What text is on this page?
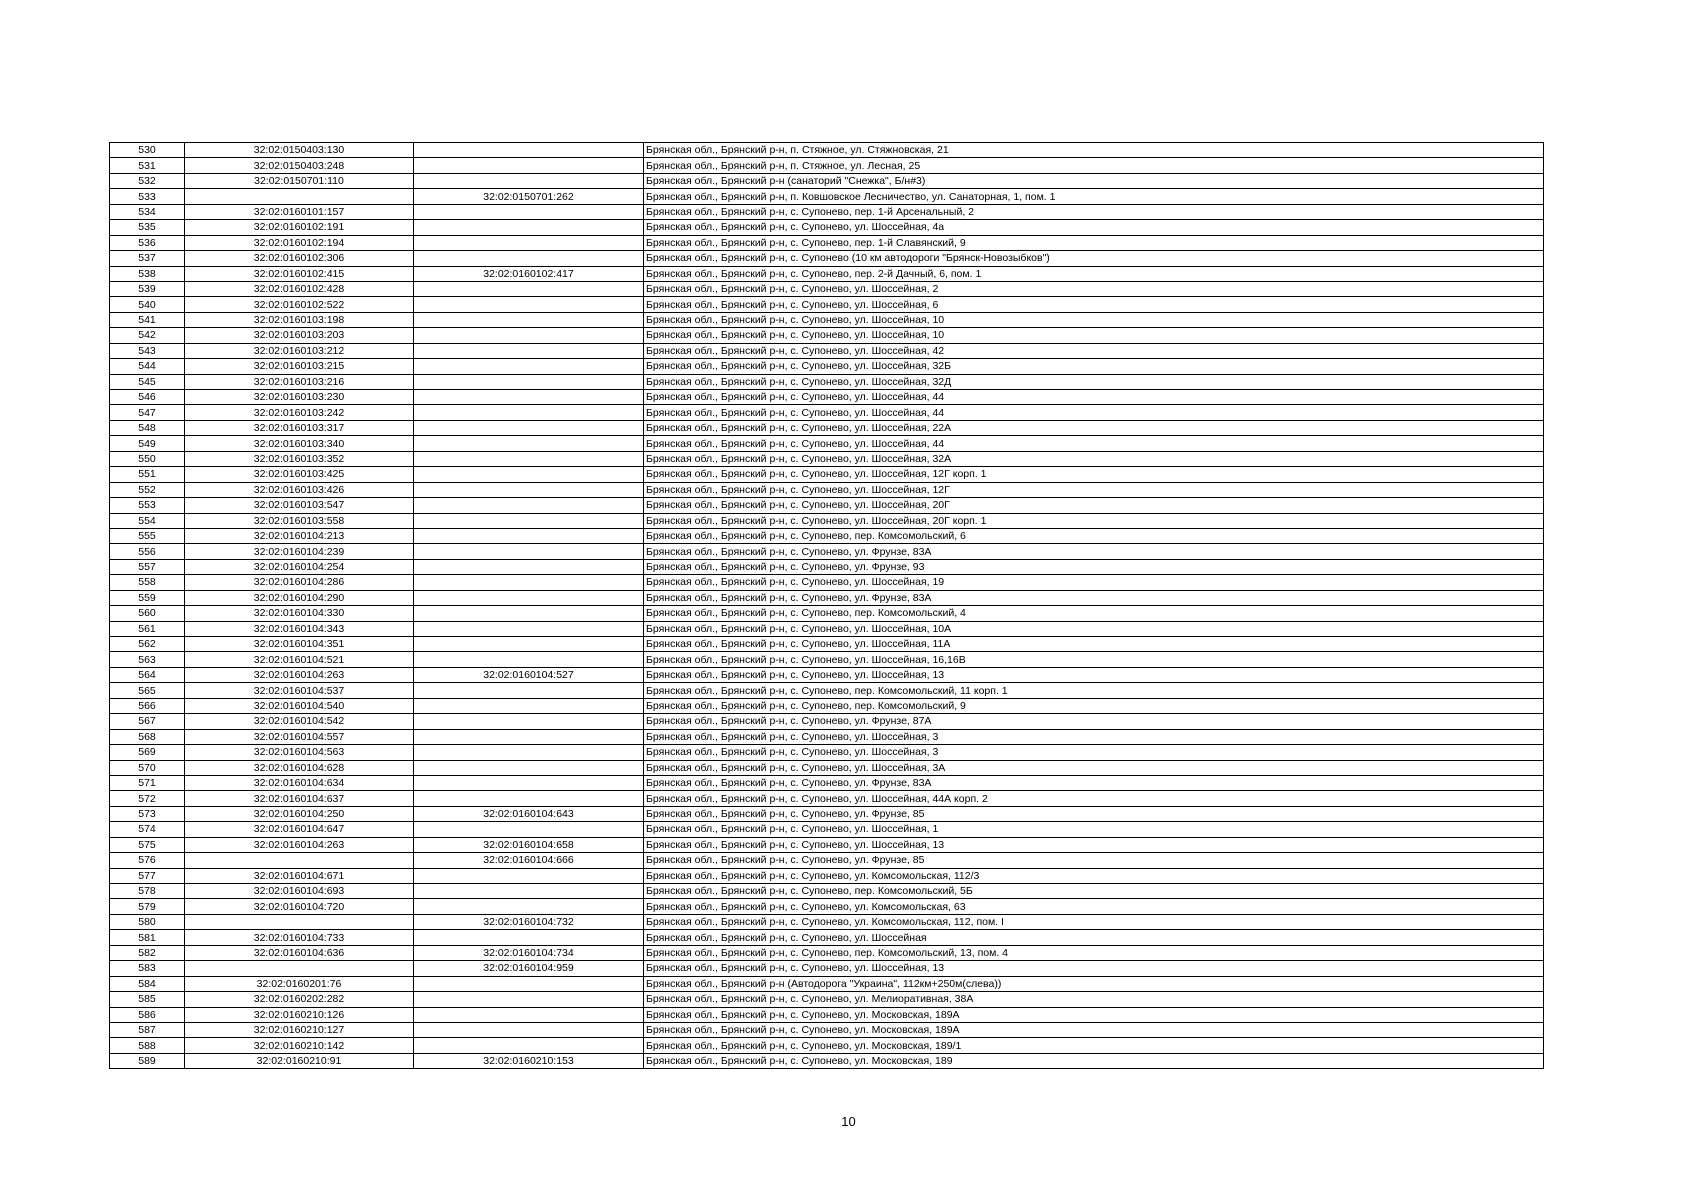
530	32:02:0150403:130		Брянская обл., Брянский р-н, п. Стяжное, ул. Стяжновская, 21
531	32:02:0150403:248		Брянская обл., Брянский р-н, п. Стяжное, ул. Лесная, 25
532	32:02:0150701:110		Брянская обл., Брянский р-н (санаторий "Снежка", Б/н#3)
533		32:02:0150701:262	Брянская обл., Брянский р-н, п. Ковшовское Лесничество, ул. Санаторная, 1, пом. 1
534	32:02:0160101:157		Брянская обл., Брянский р-н, с. Супонево, пер. 1-й Арсенальный, 2
535	32:02:0160102:191		Брянская обл., Брянский р-н, с. Супонево, ул. Шоссейная, 4а
536	32:02:0160102:194		Брянская обл., Брянский р-н, с. Супонево, пер. 1-й Славянский, 9
537	32:02:0160102:306		Брянская обл., Брянский р-н, с. Супонево (10 км автодороги "Брянск-Новозыбков")
538	32:02:0160102:415	32:02:0160102:417	Брянская обл., Брянский р-н, с. Супонево, пер. 2-й Дачный, 6, пом. 1
539	32:02:0160102:428		Брянская обл., Брянский р-н, с. Супонево, ул. Шоссейная, 2
540	32:02:0160102:522		Брянская обл., Брянский р-н, с. Супонево, ул. Шоссейная, 6
541	32:02:0160103:198		Брянская обл., Брянский р-н, с. Супонево, ул. Шоссейная, 10
542	32:02:0160103:203		Брянская обл., Брянский р-н, с. Супонево, ул. Шоссейная, 10
543	32:02:0160103:212		Брянская обл., Брянский р-н, с. Супонево, ул. Шоссейная, 42
544	32:02:0160103:215		Брянская обл., Брянский р-н, с. Супонево, ул. Шоссейная, 32Б
545	32:02:0160103:216		Брянская обл., Брянский р-н, с. Супонево, ул. Шоссейная, 32Д
546	32:02:0160103:230		Брянская обл., Брянский р-н, с. Супонево, ул. Шоссейная, 44
547	32:02:0160103:242		Брянская обл., Брянский р-н, с. Супонево, ул. Шоссейная, 44
548	32:02:0160103:317		Брянская обл., Брянский р-н, с. Супонево, ул. Шоссейная, 22А
549	32:02:0160103:340		Брянская обл., Брянский р-н, с. Супонево, ул. Шоссейная, 44
550	32:02:0160103:352		Брянская обл., Брянский р-н, с. Супонево, ул. Шоссейная, 32А
551	32:02:0160103:425		Брянская обл., Брянский р-н, с. Супонево, ул. Шоссейная, 12Г корп. 1
552	32:02:0160103:426		Брянская обл., Брянский р-н, с. Супонево, ул. Шоссейная, 12Г
553	32:02:0160103:547		Брянская обл., Брянский р-н, с. Супонево, ул. Шоссейная, 20Г
554	32:02:0160103:558		Брянская обл., Брянский р-н, с. Супонево, ул. Шоссейная, 20Г корп. 1
555	32:02:0160104:213		Брянская обл., Брянский р-н, с. Супонево, пер. Комсомольский, 6
556	32:02:0160104:239		Брянская обл., Брянский р-н, с. Супонево, ул. Фрунзе, 83А
557	32:02:0160104:254		Брянская обл., Брянский р-н, с. Супонево, ул. Фрунзе, 93
558	32:02:0160104:286		Брянская обл., Брянский р-н, с. Супонево, ул. Шоссейная, 19
559	32:02:0160104:290		Брянская обл., Брянский р-н, с. Супонево, ул. Фрунзе, 83А
560	32:02:0160104:330		Брянская обл., Брянский р-н, с. Супонево, пер. Комсомольский, 4
561	32:02:0160104:343		Брянская обл., Брянский р-н, с. Супонево, ул. Шоссейная, 10А
562	32:02:0160104:351		Брянская обл., Брянский р-н, с. Супонево, ул. Шоссейная, 11А
563	32:02:0160104:521		Брянская обл., Брянский р-н, с. Супонево, ул. Шоссейная, 16,16В
564	32:02:0160104:263	32:02:0160104:527	Брянская обл., Брянский р-н, с. Супонево, ул. Шоссейная, 13
565	32:02:0160104:537		Брянская обл., Брянский р-н, с. Супонево, пер. Комсомольский, 11 корп. 1
566	32:02:0160104:540		Брянская обл., Брянский р-н, с. Супонево, пер. Комсомольский, 9
567	32:02:0160104:542		Брянская обл., Брянский р-н, с. Супонево, ул. Фрунзе, 87А
568	32:02:0160104:557		Брянская обл., Брянский р-н, с. Супонево, ул. Шоссейная, 3
569	32:02:0160104:563		Брянская обл., Брянский р-н, с. Супонево, ул. Шоссейная, 3
570	32:02:0160104:628		Брянская обл., Брянский р-н, с. Супонево, ул. Шоссейная, 3А
571	32:02:0160104:634		Брянская обл., Брянский р-н, с. Супонево, ул. Фрунзе, 83А
572	32:02:0160104:637		Брянская обл., Брянский р-н, с. Супонево, ул. Шоссейная, 44А корп. 2
573	32:02:0160104:250	32:02:0160104:643	Брянская обл., Брянский р-н, с. Супонево, ул. Фрунзе, 85
574	32:02:0160104:647		Брянская обл., Брянский р-н, с. Супонево, ул. Шоссейная, 1
575	32:02:0160104:263	32:02:0160104:658	Брянская обл., Брянский р-н, с. Супонево, ул. Шоссейная, 13
576		32:02:0160104:666	Брянская обл., Брянский р-н, с. Супонево, ул. Фрунзе, 85
577	32:02:0160104:671		Брянская обл., Брянский р-н, с. Супонево, ул. Комсомольская, 112/3
578	32:02:0160104:693		Брянская обл., Брянский р-н, с. Супонево, пер. Комсомольский, 5Б
579	32:02:0160104:720		Брянская обл., Брянский р-н, с. Супонево, ул. Комсомольская, 63
580		32:02:0160104:732	Брянская обл., Брянский р-н, с. Супонево, ул. Комсомольская, 112, пом. I
581	32:02:0160104:733		Брянская обл., Брянский р-н, с. Супонево, ул. Шоссейная
582	32:02:0160104:636	32:02:0160104:734	Брянская обл., Брянский р-н, с. Супонево, пер. Комсомольский, 13, пом. 4
583		32:02:0160104:959	Брянская обл., Брянский р-н, с. Супонево, ул. Шоссейная, 13
584	32:02:0160201:76		Брянская обл., Брянский р-н (Автодорога "Украина", 112км+250м(слева))
585	32:02:0160202:282		Брянская обл., Брянский р-н, с. Супонево, ул. Мелиоративная, 38А
586	32:02:0160210:126		Брянская обл., Брянский р-н, с. Супонево, ул. Московская, 189А
587	32:02:0160210:127		Брянская обл., Брянский р-н, с. Супонево, ул. Московская, 189А
588	32:02:0160210:142		Брянская обл., Брянский р-н, с. Супонево, ул. Московская, 189/1
589	32:02:0160210:91	32:02:0160210:153	Брянская обл., Брянский р-н, с. Супонево, ул. Московская, 189
10
